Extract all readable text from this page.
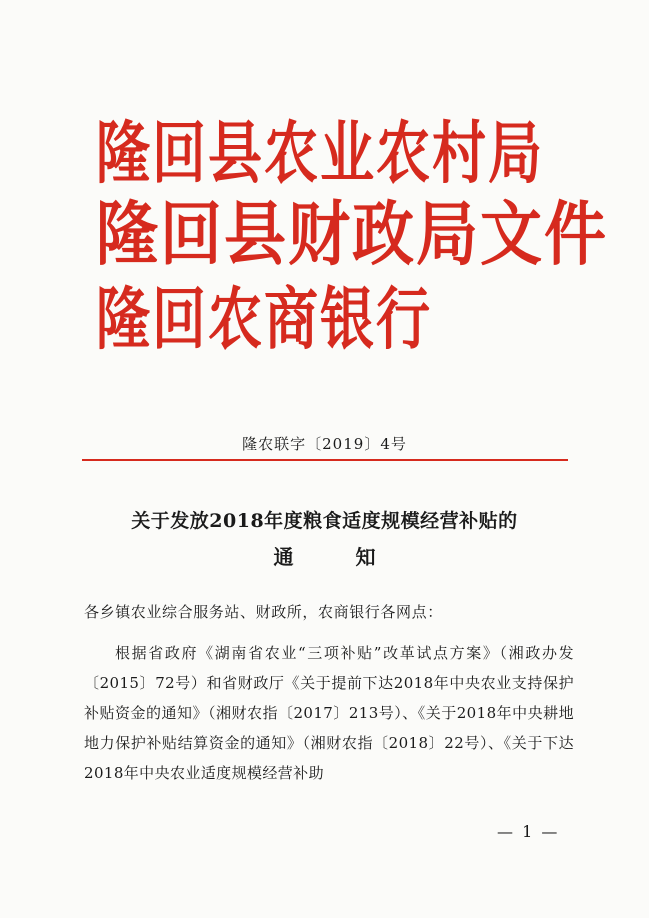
隆回县农业农村局
隆回县财政局文件
隆回农商银行
隆农联字〔2019〕4号
关于发放2018年度粮食适度规模经营补贴的
通知
各乡镇农业综合服务站、财政所，农商银行各网点：

根据省政府《湖南省农业“三项补贴”改革试点方案》（湘政办发〔2015〕72号）和省财政厅《关于提前下达2018年中央农业支持保护补贴资金的通知》（湘财农指〔2017〕213号）、《关于2018年中央耕地地力保护补贴结算资金的通知》（湘财农指〔2018〕22号）、《关于下达2018年中央农业适度规模经营补助

— 1 —
